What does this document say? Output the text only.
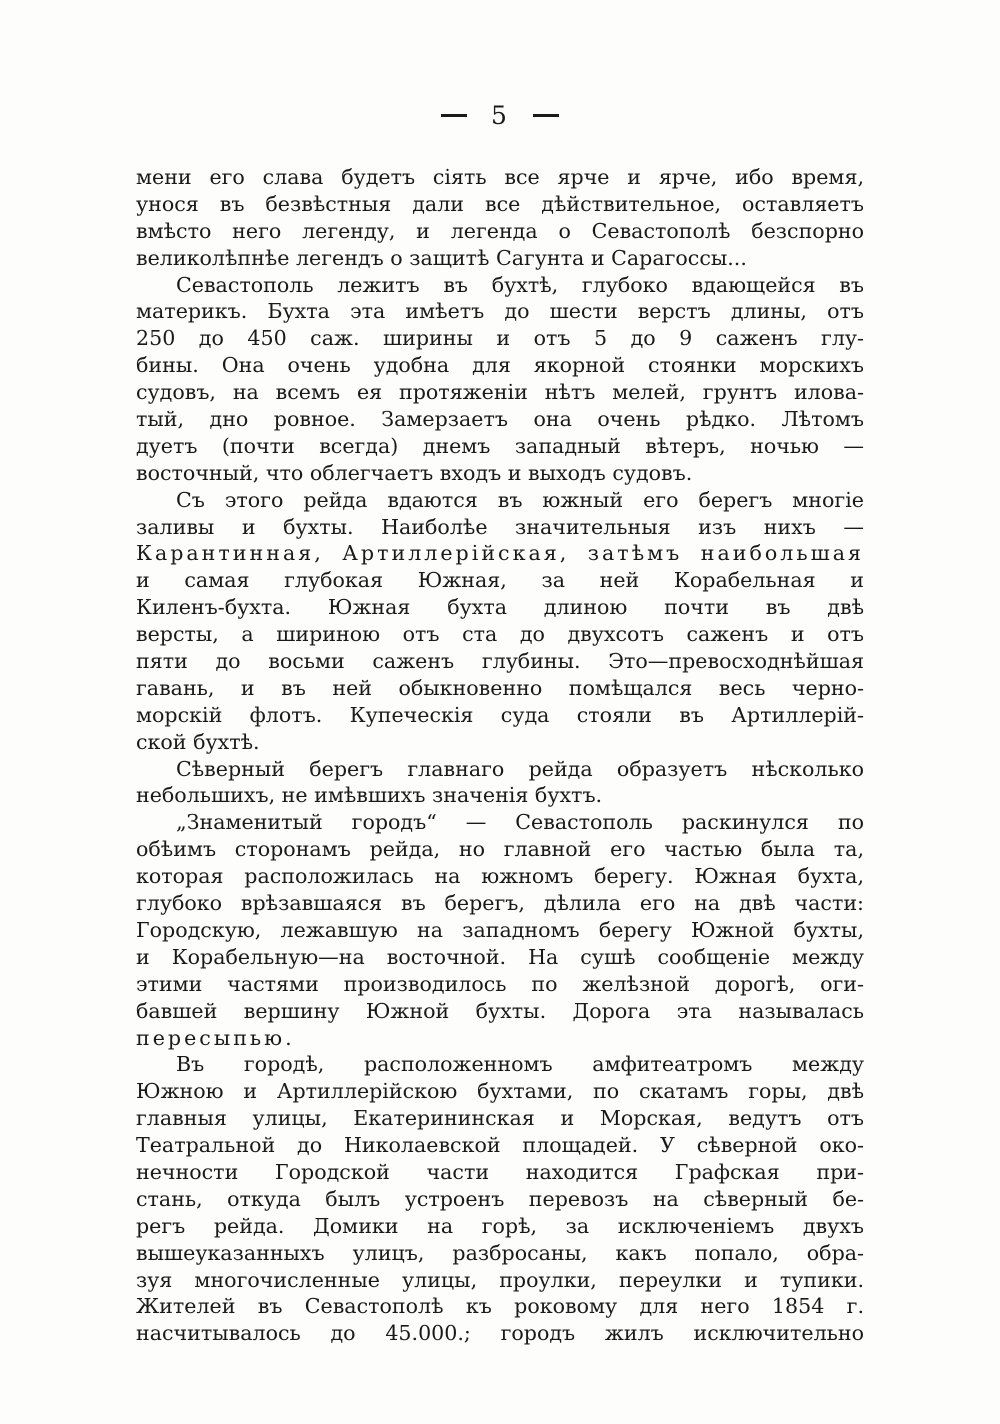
5
мени его слава будетъ сіять все ярче и ярче, ибо время,
унося въ безвѣстныя дали все дѣйствительное, оставляетъ
вмѣсто него легенду, и легенда о Севастополѣ безспорно
великолѣпнѣе легендъ о защитѣ Сагунта и Сарагоссы...
Севастополь лежитъ въ бухтѣ, глубоко вдающейся въ
материкъ. Бухта эта имѣетъ до шести верстъ длины, отъ
250 до 450 саж. ширины и отъ 5 до 9 саженъ глу-
бины. Она очень удобна для якорной стоянки морскихъ
судовъ, на всемъ ея протяженіи нѣтъ мелей, грунтъ илова-
тый, дно ровное. Замерзаетъ она очень рѣдко. Лѣтомъ
дуетъ (почти всегда) днемъ западный вѣтеръ, ночью —
восточный, что облегчаетъ входъ и выходъ судовъ.
Съ этого рейда вдаются въ южный его берегъ многіе
заливы и бухты. Наиболѣе значительныя изъ нихъ —
Карантинная, Артиллерійская, затѣмъ наибольшая
и самая глубокая Южная, за ней Корабельная и
Киленъ-бухта. Южная бухта длиною почти въ двѣ
версты, а шириною отъ ста до двухсотъ саженъ и отъ
пяти до восьми саженъ глубины. Это—превосходнѣйшая
гавань, и въ ней обыкновенно помѣщался весь черно-
морскій флотъ. Купеческія суда стояли въ Артиллерій-
ской бухтѣ.
Сѣверный берегъ главнаго рейда образуетъ нѣсколько
небольшихъ, не имѣвшихъ значенія бухтъ.
„Знаменитый городъ“ — Севастополь раскинулся по
обѣимъ сторонамъ рейда, но главной его частью была та,
которая расположилась на южномъ берегу. Южная бухта,
глубоко врѣзавшаяся въ берегъ, дѣлила его на двѣ части:
Городскую, лежавшую на западномъ берегу Южной бухты,
и Корабельную—на восточной. На сушѣ сообщеніе между
этими частями производилось по желѣзной дорогѣ, оги-
бавшей вершину Южной бухты. Дорога эта называлась
пересыпью.
Въ городѣ, расположенномъ амфитеатромъ между
Южною и Артиллерійскою бухтами, по скатамъ горы, двѣ
главныя улицы, Екатерининская и Морская, ведутъ отъ
Театральной до Николаевской площадей. У сѣверной око-
нечности Городской части находится Графская при-
стань, откуда былъ устроенъ перевозъ на сѣверный бе-
регъ рейда. Домики на горѣ, за исключеніемъ двухъ
вышеуказанныхъ улицъ, разбросаны, какъ попало, обра-
зуя многочисленные улицы, проулки, переулки и тупики.
Жителей въ Севастополѣ къ роковому для него 1854 г.
насчитывалось до 45.000.; городъ жилъ исключительно
